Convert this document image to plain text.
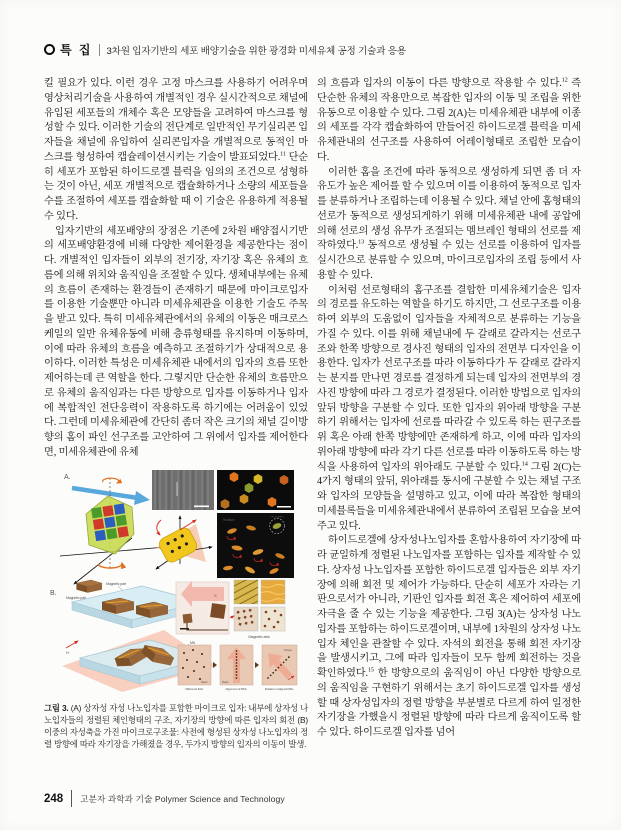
특 집 3차원 입자기반의 세포 배양기술을 위한 광경화 미세유체 공정 기술과 응용

킬 필요가 있다. 이런 경우 고정 마스크를 사용하기 어려우며 영상처리기술을 사용하여 개별적인 경우 실시간적으로 채널에 유입된 세포들의 개체수 혹은 모양들을 고려하여 마스크를 형성할 수 있다. 이러한 기술의 전단계로 일반적인 무기실리콘 입자들을 채널에 유입하여 실리콘입자을 개별적으로 동적인 마스크를 형성하여 캡슐레이션시키는 기술이 발표되었다.$^{11}$ 단순히 세포가 포함된 하이드로겔 블럭을 임의의 조건으로 성형하는 것이 아닌, 세포 개별적으로 캡슐화하거나 소량의 세포들을 수를 조절하여 세포를 캡슐화할 때 이 기술은 유용하게 적용될 수 있다.

입자기반의 세포배양의 장점은 기존에 2차원 배양접시기반의 세포배양환경에 비해 다양한 제어환경을 제공한다는 점이다. 개별적인 입자들이 외부의 전기장, 자기장 혹은 유체의 흐름에 의해 위치와 움직임을 조절할 수 있다. 생체내부에는 유체의 흐름이 존재하는 환경들이 존재하기 때문에 마이크로입자를 이용한 기술뿐만 아니라 미세유체관을 이용한 기술도 주목을 받고 있다. 특히 미세유체관에서의 유체의 이동은 매크로스케일의 일반 유체유동에 비해 층류형태를 유지하며 이동하며, 이에 따라 유체의 흐름을 예측하고 조절하기가 상대적으로 용이하다. 이러한 특성은 미세유체관 내에서의 입자의 흐름 또한 제어하는데 큰 역할을 한다. 그렇지만 단순한 유체의 흐름만으로 유체의 움직임과는 다른 방향으로 입자를 이동하거나 입자에 복합적인 전단응력이 작용하도록 하기에는 어려움이 있었다. 그런데 미세유체관에 간단히 좀더 작은 크기의 채널 길이방향의 홈이 파인 선구조를 고안하여 그 위에서 입자를 제어한다면, 미세유체관에 유체

A.
Rotation
No rotation
B.
Magnetic part
Magnetic part
H
H
Magnetic axis
MN
Resin	Resin
Torque
Without H field	Alignment of MNs	Rotation of aligned MNs

그림 3. (A) 상자성 자성 나노입자를 포함한 마이크로 입자: 내부에 상자성 나노입자들의 정렬된 체인형태의 구조, 자기장의 방향에 따른 입자의 회전 (B) 이중의 자성축을 가진 마이크로구조물: 사전에 형성된 상자성 나노입자의 정렬 방향에 따라 자기장을 가해졌을 경우, 두가지 방향의 입자의 이동이 발생.

의 흐름과 입자의 이동이 다른 방향으로 작용할 수 있다.$^{12}$ 즉 단순한 유체의 작용만으로 복잡한 입자의 이동 및 조립을 위한 유동으로 이용할 수 있다. 그림 2(A)는 미세유체관 내부에 이종의 세포를 각각 캡슐화하여 만들어진 하이드로겔 블럭을 미세유체관내의 선구조를 사용하여 어레이형태로 조립한 모습이다.

이러한 홈을 조건에 따라 동적으로 생성하게 되면 좀 더 자유도가 높은 제어를 할 수 있으며 이를 이용하여 동적으로 입자를 분류하거나 조립하는데 이용될 수 있다. 채널 안에 홈형태의 선로가 동적으로 생성되게하기 위해 미세유체관 내에 공압에 의해 선로의 생성 유무가 조절되는 멤브레인 형태의 선로를 제작하였다.$^{13}$ 동적으로 생성될 수 있는 선로를 이용하여 입자를 실시간으로 분류할 수 있으며, 마이크로입자의 조립 등에서 사용할 수 있다.

이처럼 선로형태의 홈구조를 결합한 미세유체기술은 입자의 경로를 유도하는 역할을 하기도 하지만, 그 선로구조를 이용하여 외부의 도움없이 입자들을 자체적으로 분류하는 기능을 가질 수 있다. 이를 위해 채널내에 두 갈래로 갈라지는 선로구조와 한쪽 방향으로 경사진 형태의 입자의 전면부 디자인을 이용한다. 입자가 선로구조를 따라 이동하다가 두 갈래로 갈라지는 분지를 만나면 경로를 결정하게 되는데 입자의 전면부의 경사진 방향에 따라 그 경로가 결정된다. 이러한 방법으로 입자의 앞뒤 방향을 구분할 수 있다. 또한 입자의 위아래 방향을 구분하기 위해서는 입자에 선로를 따라갈 수 있도록 하는 핀구조를 위 혹은 아래 한쪽 방향에만 존재하게 하고, 이에 따라 입자의 위아래 방향에 따라 각기 다른 선로를 따라 이동하도록 하는 방식을 사용하여 입자의 위아래도 구분할 수 있다.$^{14}$ 그림 2(C)는 4가지 형태의 앞뒤, 위아래를 동시에 구분할 수 있는 채널 구조와 입자의 모양들을 설명하고 있고, 이에 따라 복잡한 형태의 미세블록들을 미세유체관내에서 분류하여 조립된 모습을 보여주고 있다.

하이드로겔에 상자성나노입자를 혼합사용하여 자기장에 따라 균일하게 정렬된 나노입자를 포함하는 입자를 제작할 수 있다. 상자성 나노입자를 포함한 하이드로겔 입자들은 외부 자기장에 의해 회전 및 제어가 가능하다. 단순히 세포가 자라는 기판으로서가 아니라, 기판인 입자를 회전 혹은 제어하여 세포에 자극을 줄 수 있는 기능을 제공한다. 그림 3(A)는 상자성 나노입자를 포함하는 하이드로겔이며, 내부에 1차원의 상자성 나노입자 체인을 관찰할 수 있다. 자석의 회전을 통해 회전 자기장을 발생시키고, 그에 따라 입자들이 모두 함께 회전하는 것을 확인하였다.$^{15}$ 한 방향으로의 움직임이 아닌 다양한 방향으로의 움직임을 구현하기 위해서는 초기 하이드로겔 입자를 생성할 때 상자성입자의 정렬 방향을 부분별로 다르게 하여 일정한 자기장을 가했을시 정렬된 방향에 따라 다르게 움직이도록 할 수 있다. 하이드로겔 입자를 넘어

248 고분자 과학과 기술 Polymer Science and Technology
